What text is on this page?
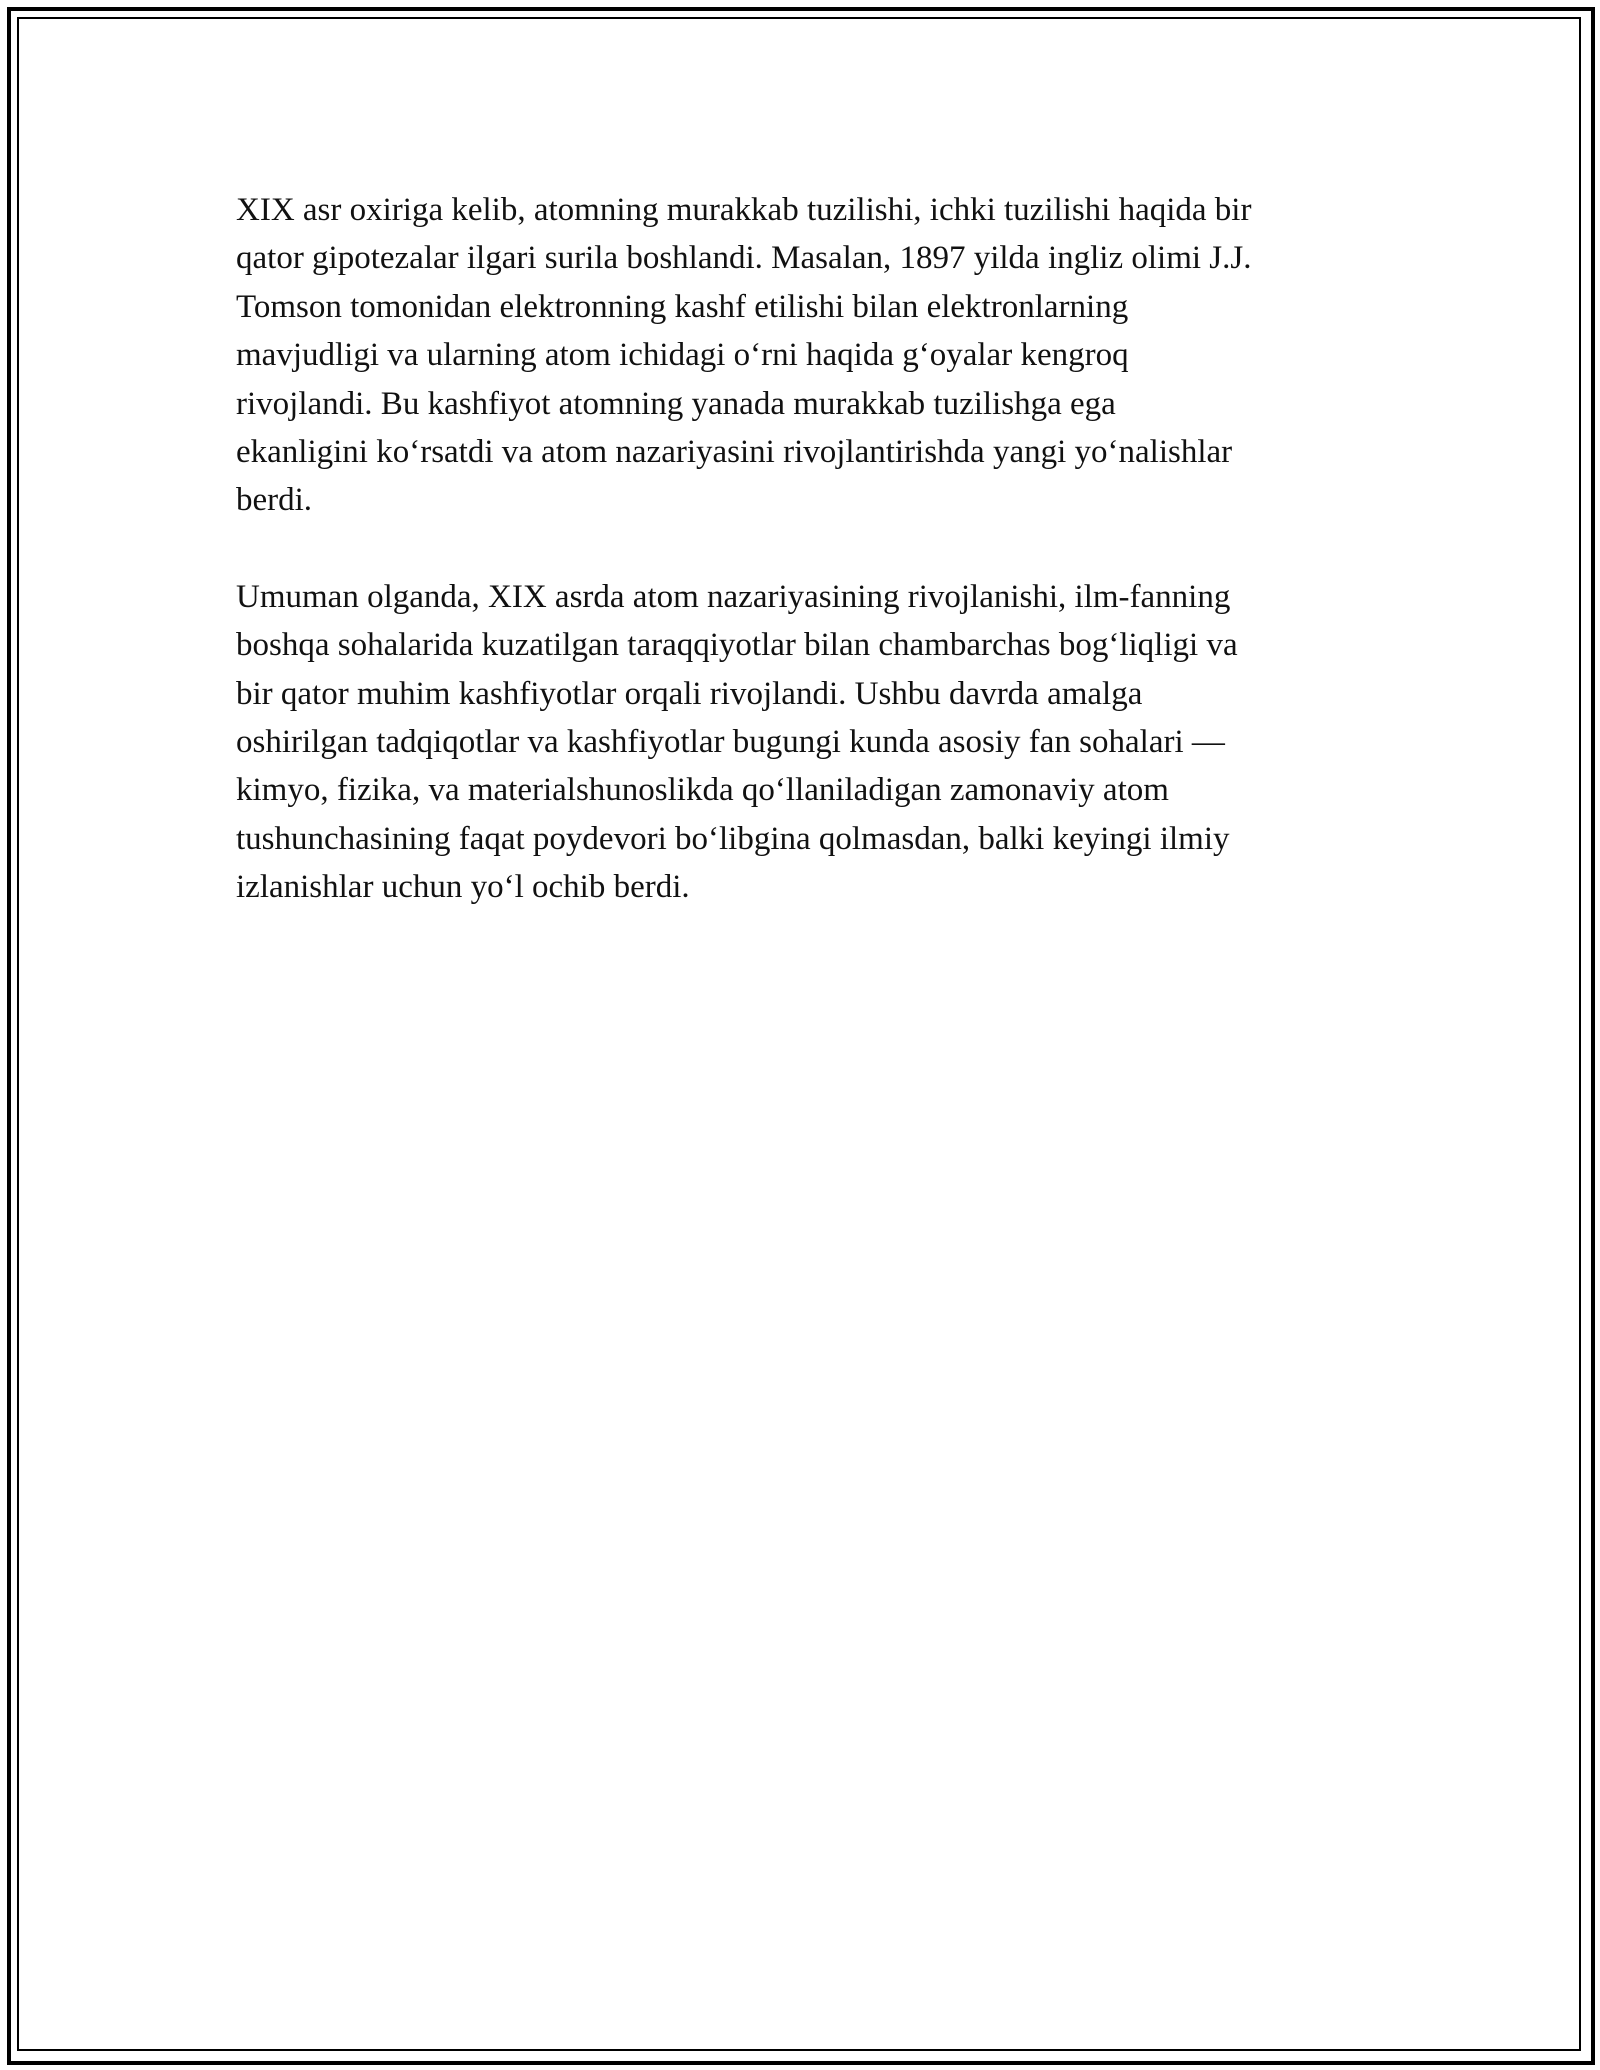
XIX asr oxiriga kelib, atomning murakkab tuzilishi, ichki tuzilishi haqida bir
qator gipotezalar ilgari surila boshlandi. Masalan, 1897 yilda ingliz olimi J.J.
Tomson tomonidan elektronning kashf etilishi bilan elektronlarning
mavjudligi va ularning atom ichidagi o‘rni haqida g‘oyalar kengroq
rivojlandi. Bu kashfiyot atomning yanada murakkab tuzilishga ega
ekanligini ko‘rsatdi va atom nazariyasini rivojlantirishda yangi yo‘nalishlar
berdi.

Umuman olganda, XIX asrda atom nazariyasining rivojlanishi, ilm-fanning
boshqa sohalarida kuzatilgan taraqqiyotlar bilan chambarchas bog‘liqligi va
bir qator muhim kashfiyotlar orqali rivojlandi. Ushbu davrda amalga
oshirilgan tadqiqotlar va kashfiyotlar bugungi kunda asosiy fan sohalari —
kimyo, fizika, va materialshunoslikda qo‘llaniladigan zamonaviy atom
tushunchasining faqat poydevori bo‘libgina qolmasdan, balki keyingi ilmiy
izlanishlar uchun yo‘l ochib berdi.
